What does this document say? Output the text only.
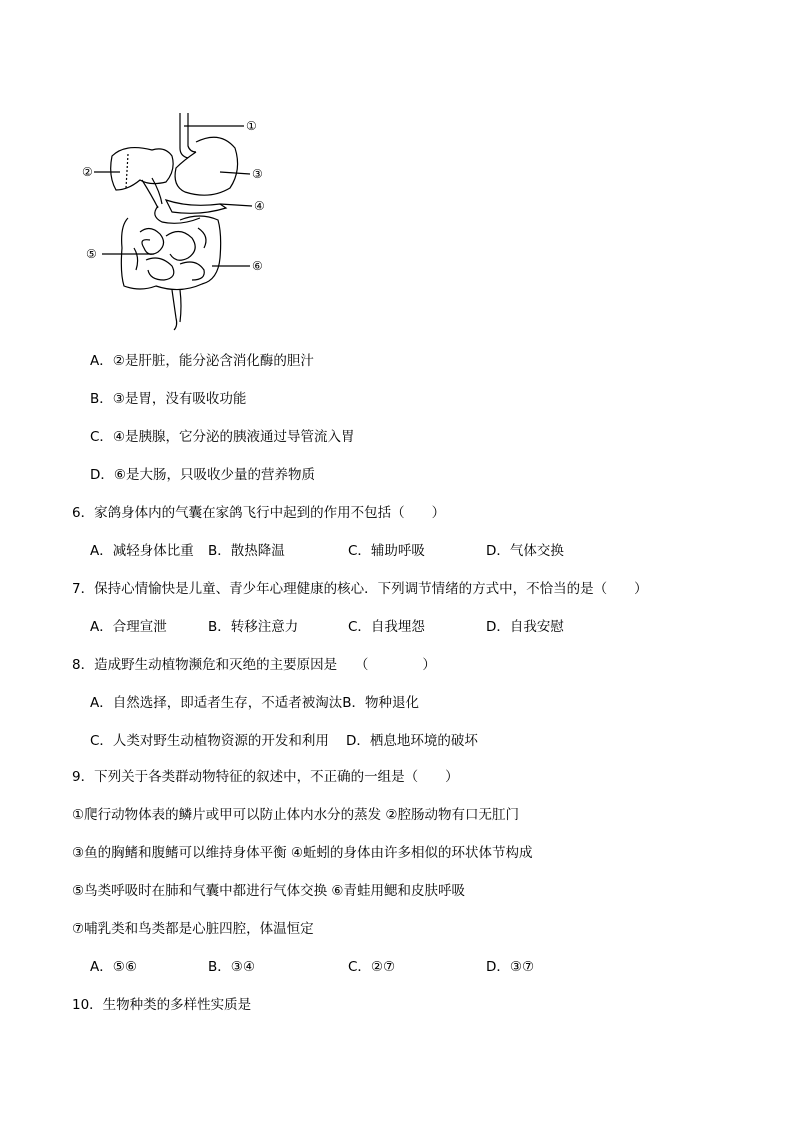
①
②	③
④
⑤
⑥
A．②是肝脏，能分泌含消化酶的胆汁
B．③是胃，没有吸收功能
C．④是胰腺，它分泌的胰液通过导管流入胃
D．⑥是大肠，只吸收少量的营养物质
6．家鸽身体内的气囊在家鸽飞行中起到的作用不包括（　　）
A．减轻身体比重 B．散热降温	C．辅助呼吸	D．气体交换
7．保持心情愉快是儿童、青少年心理健康的核心．下列调节情绪的方式中，不恰当的是（　　）
A．合理宣泄	B．转移注意力	C．自我埋怨	D．自我安慰
8．造成野生动植物濒危和灭绝的主要原因是　 （　　　　）
A．自然选择，即适者生存，不适者被淘汰B．物种退化
C．人类对野生动植物资源的开发和利用 D．栖息地环境的破坏
9．下列关于各类群动物特征的叙述中，不正确的一组是（　　）
①爬行动物体表的鳞片或甲可以防止体内水分的蒸发 ②腔肠动物有口无肛门
③鱼的胸鳍和腹鳍可以维持身体平衡 ④蚯蚓的身体由许多相似的环状体节构成
⑤鸟类呼吸时在肺和气囊中都进行气体交换 ⑥青蛙用鳃和皮肤呼吸
⑦哺乳类和鸟类都是心脏四腔，体温恒定
A．⑤⑥	B．③④	C．②⑦	D．③⑦
10．生物种类的多样性实质是
